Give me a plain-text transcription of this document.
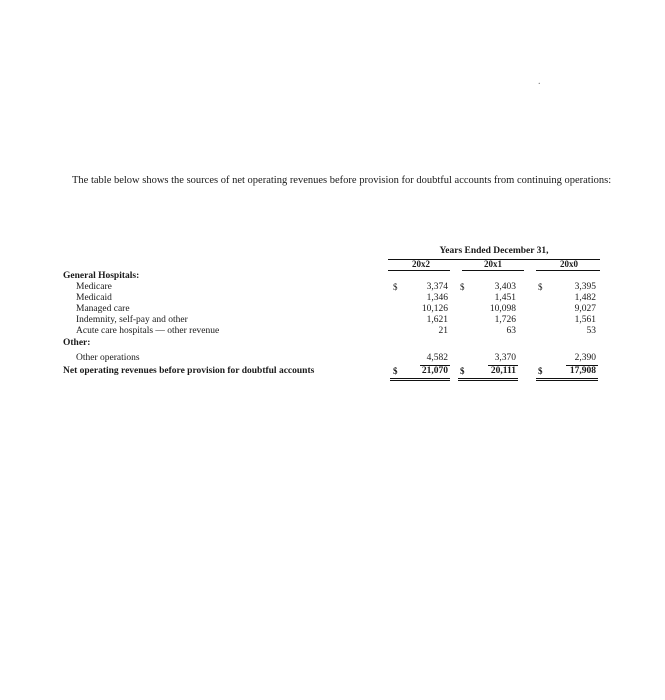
.

The table below shows the sources of net operating revenues before provision for doubtful accounts from continuing operations:

Years Ended December 31,
20x2	20x1	20x0
General Hospitals:
Medicare	$	3,374 $	3,403 $	3,395
Medicaid	1,346	1,451	1,482
Managed care	10,126	10,098	9,027
Indemnity, self-pay and other	1,621	1,726	1,561
Acute care hospitals — other revenue	21	63	53
Other:
Other operations	4,582	3,370	2,390
Net operating revenues before provision for doubtful accounts	$	21,070 $	20,111 $	17,908
